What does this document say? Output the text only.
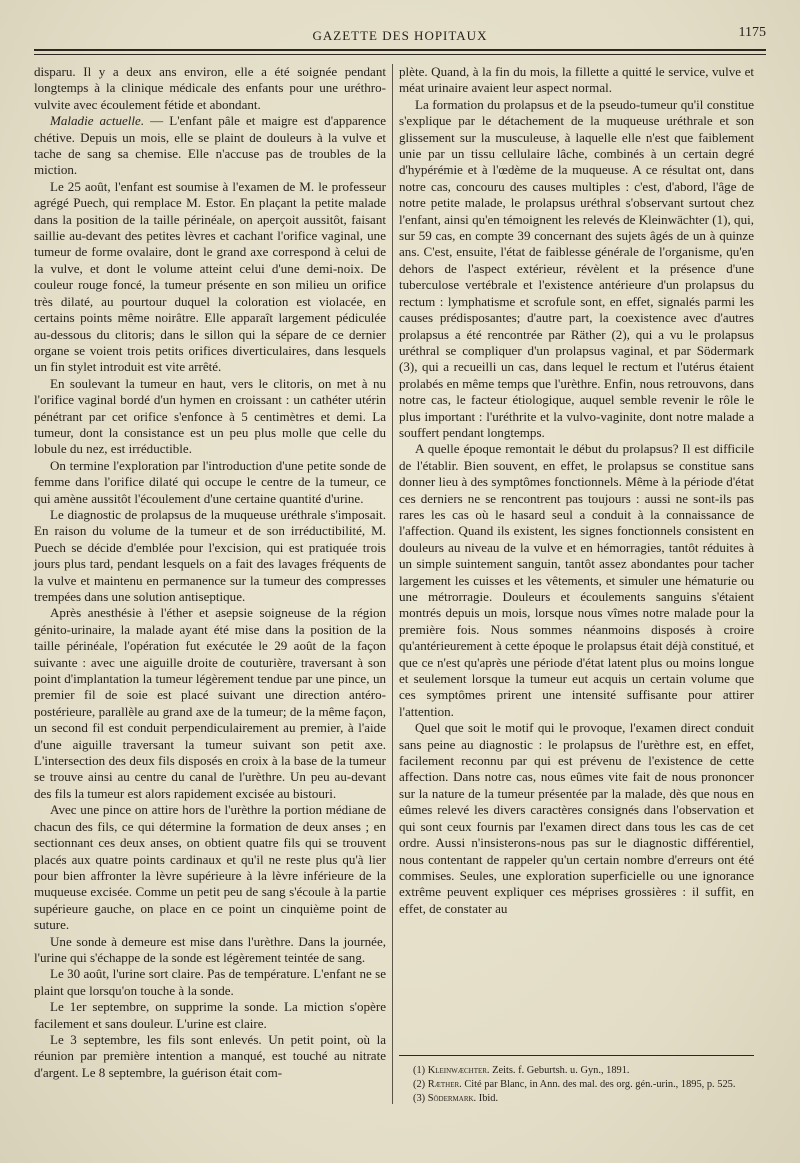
GAZETTE DES HOPITAUX	1175

disparu. Il y a deux ans environ, elle a été soignée pendant longtemps à la clinique médicale des enfants pour une uréthro-vulvite avec écoulement fétide et abondant.

Maladie actuelle. — L'enfant pâle et maigre est d'apparence chétive. Depuis un mois, elle se plaint de douleurs à la vulve et tache de sang sa chemise. Elle n'accuse pas de troubles de la miction.

Le 25 août, l'enfant est soumise à l'examen de M. le professeur agrégé Puech, qui remplace M. Estor. En plaçant la petite malade dans la position de la taille périnéale, on aperçoit aussitôt, faisant saillie au-devant des petites lèvres et cachant l'orifice vaginal, une tumeur de forme ovalaire, dont le grand axe correspond à celui de la vulve, et dont le volume atteint celui d'une demi-noix. De couleur rouge foncé, la tumeur présente en son milieu un orifice très dilaté, au pourtour duquel la coloration est violacée, en certains points même noirâtre. Elle apparaît largement pédiculée au-dessous du clitoris; dans le sillon qui la sépare de ce dernier organe se voient trois petits orifices diverticulaires, dans lesquels un fin stylet introduit est vite arrêté.

En soulevant la tumeur en haut, vers le clitoris, on met à nu l'orifice vaginal bordé d'un hymen en croissant : un cathéter utérin pénétrant par cet orifice s'enfonce à 5 centimètres et demi. La tumeur, dont la consistance est un peu plus molle que celle du lobule du nez, est irréductible.

On termine l'exploration par l'introduction d'une petite sonde de femme dans l'orifice dilaté qui occupe le centre de la tumeur, ce qui amène aussitôt l'écoulement d'une certaine quantité d'urine.

Le diagnostic de prolapsus de la muqueuse uréthrale s'imposait. En raison du volume de la tumeur et de son irréductibilité, M. Puech se décide d'emblée pour l'excision, qui est pratiquée trois jours plus tard, pendant lesquels on a fait des lavages fréquents de la vulve et maintenu en permanence sur la tumeur des compresses trempées dans une solution antiseptique.

Après anesthésie à l'éther et asepsie soigneuse de la région génito-urinaire, la malade ayant été mise dans la position de la taille périnéale, l'opération fut exécutée le 29 août de la façon suivante : avec une aiguille droite de couturière, traversant à son point d'implantation la tumeur légèrement tendue par une pince, un premier fil de soie est placé suivant une direction antéro-postérieure, parallèle au grand axe de la tumeur; de la même façon, un second fil est conduit perpendiculairement au premier, à l'aide d'une aiguille traversant la tumeur suivant son petit axe. L'intersection des deux fils disposés en croix à la base de la tumeur se trouve ainsi au centre du canal de l'urèthre. Un peu au-devant des fils la tumeur est alors rapidement excisée au bistouri.

Avec une pince on attire hors de l'urèthre la portion médiane de chacun des fils, ce qui détermine la formation de deux anses ; en sectionnant ces deux anses, on obtient quatre fils qui se trouvent placés aux quatre points cardinaux et qu'il ne reste plus qu'à lier pour bien affronter la lèvre supérieure à la lèvre inférieure de la muqueuse excisée. Comme un petit peu de sang s'écoule à la partie supérieure gauche, on place en ce point un cinquième point de suture.

Une sonde à demeure est mise dans l'urèthre. Dans la journée, l'urine qui s'échappe de la sonde est légèrement teintée de sang.

Le 30 août, l'urine sort claire. Pas de température. L'enfant ne se plaint que lorsqu'on touche à la sonde.

Le 1er septembre, on supprime la sonde. La miction s'opère facilement et sans douleur. L'urine est claire.

Le 3 septembre, les fils sont enlevés. Un petit point, où la réunion par première intention a manqué, est touché au nitrate d'argent. Le 8 septembre, la guérison était com-

plète. Quand, à la fin du mois, la fillette a quitté le service, vulve et méat urinaire avaient leur aspect normal.

La formation du prolapsus et de la pseudo-tumeur qu'il constitue s'explique par le détachement de la muqueuse uréthrale et son glissement sur la musculeuse, à laquelle elle n'est que faiblement unie par un tissu cellulaire lâche, combinés à un certain degré d'hypérémie et à l'œdème de la muqueuse. A ce résultat ont, dans notre cas, concouru des causes multiples : c'est, d'abord, l'âge de notre petite malade, le prolapsus uréthral s'observant surtout chez l'enfant, ainsi qu'en témoignent les relevés de Kleinwächter (1), qui, sur 59 cas, en compte 39 concernant des sujets âgés de un à quinze ans. C'est, ensuite, l'état de faiblesse générale de l'organisme, qu'en dehors de l'aspect extérieur, révèlent et la présence d'une tuberculose vertébrale et l'existence antérieure d'un prolapsus du rectum : lymphatisme et scrofule sont, en effet, signalés parmi les causes prédisposantes; d'autre part, la coexistence avec d'autres prolapsus a été rencontrée par Räther (2), qui a vu le prolapsus uréthral se compliquer d'un prolapsus vaginal, et par Södermark (3), qui a recueilli un cas, dans lequel le rectum et l'utérus étaient prolabés en même temps que l'urèthre. Enfin, nous retrouvons, dans notre cas, le facteur étiologique, auquel semble revenir le rôle le plus important : l'uréthrite et la vulvo-vaginite, dont notre malade a souffert pendant longtemps.

A quelle époque remontait le début du prolapsus? Il est difficile de l'établir. Bien souvent, en effet, le prolapsus se constitue sans donner lieu à des symptômes fonctionnels. Même à la période d'état ces derniers ne se rencontrent pas toujours : aussi ne sont-ils pas rares les cas où le hasard seul a conduit à la connaissance de l'affection. Quand ils existent, les signes fonctionnels consistent en douleurs au niveau de la vulve et en hémorragies, tantôt réduites à un simple suintement sanguin, tantôt assez abondantes pour tacher largement les cuisses et les vêtements, et simuler une hématurie ou une métrorragie. Douleurs et écoulements sanguins s'étaient montrés depuis un mois, lorsque nous vîmes notre malade pour la première fois. Nous sommes néanmoins disposés à croire qu'antérieurement à cette époque le prolapsus était déjà constitué, et que ce n'est qu'après une période d'état latent plus ou moins longue et seulement lorsque la tumeur eut acquis un certain volume que ces symptômes prirent une intensité suffisante pour attirer l'attention.

Quel que soit le motif qui le provoque, l'examen direct conduit sans peine au diagnostic : le prolapsus de l'urèthre est, en effet, facilement reconnu par qui est prévenu de l'existence de cette affection. Dans notre cas, nous eûmes vite fait de nous prononcer sur la nature de la tumeur présentée par la malade, dès que nous en eûmes relevé les divers caractères consignés dans l'observation et qui sont ceux fournis par l'examen direct dans tous les cas de cet ordre. Aussi n'insisterons-nous pas sur le diagnostic différentiel, nous contentant de rappeler qu'un certain nombre d'erreurs ont été commises. Seules, une exploration superficielle ou une ignorance extrême peuvent expliquer ces méprises grossières : il suffit, en effet, de constater au

(1) Kleinwæchter. Zeits. f. Geburtsh. u. Gyn., 1891.
(2) Ræther. Cité par Blanc, in Ann. des mal. des org. gén.-urin., 1895, p. 525.
(3) Södermark. Ibid.
